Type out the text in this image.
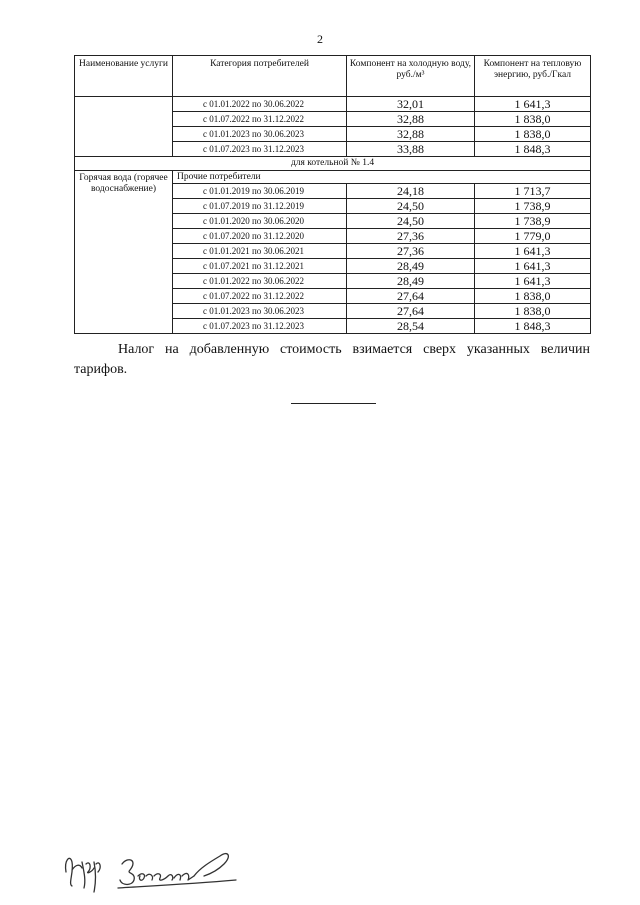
2
Наименование услуги	Категория потребителей	Компонент на холодную воду, руб./м³	Компонент на тепловую энергию, руб./Гкал
	с 01.01.2022 по 30.06.2022	32,01	1 641,3
	с 01.07.2022 по 31.12.2022	32,88	1 838,0
	с 01.01.2023 по 30.06.2023	32,88	1 838,0
	с 01.07.2023 по 31.12.2023	33,88	1 848,3
для котельной № 1.4			
Горячая вода (горячее водоснабжение)	Прочие потребители		
	с 01.01.2019 по 30.06.2019	24,18	1 713,7
	с 01.07.2019 по 31.12.2019	24,50	1 738,9
	с 01.01.2020 по 30.06.2020	24,50	1 738,9
	с 01.07.2020 по 31.12.2020	27,36	1 779,0
	с 01.01.2021 по 30.06.2021	27,36	1 641,3
	с 01.07.2021 по 31.12.2021	28,49	1 641,3
	с 01.01.2022 по 30.06.2022	28,49	1 641,3
	с 01.07.2022 по 31.12.2022	27,64	1 838,0
	с 01.01.2023 по 30.06.2023	27,64	1 838,0
	с 01.07.2023 по 31.12.2023	28,54	1 848,3
Налог на добавленную стоимость взимается сверх указанных величин тарифов.
